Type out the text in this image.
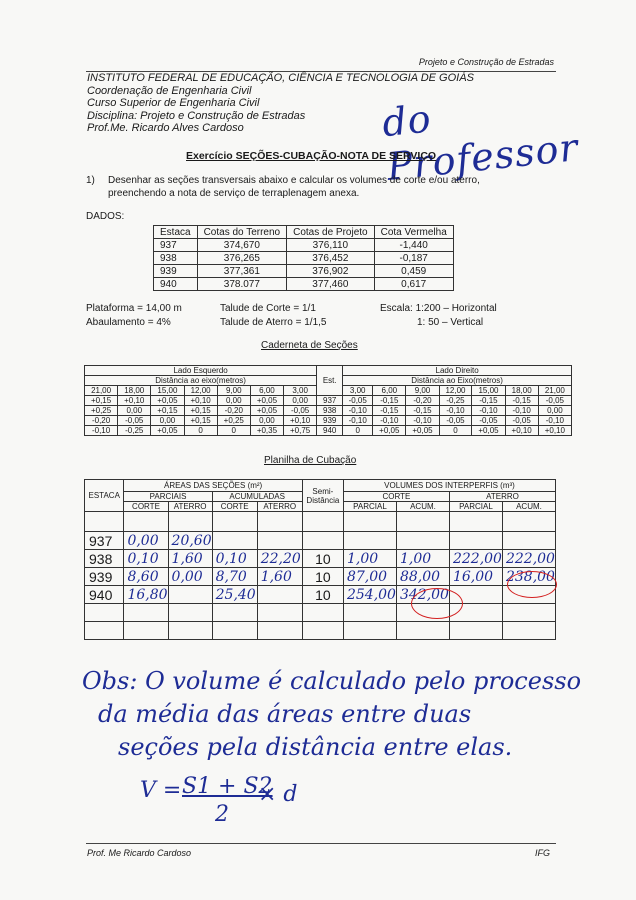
Projeto e Construção de Estradas
INSTITUTO FEDERAL DE EDUCAÇÃO, CIÊNCIA E TECNOLOGIA DE GOIÁS
Coordenação de Engenharia Civil
Curso Superior de Engenharia Civil
Disciplina: Projeto e Construção de Estradas
Prof.Me. Ricardo Alves Cardoso	do Professor
Exercício SEÇÕES-CUBAÇÃO-NOTA DE SERVIÇO
1) Desenhar as seções transversais abaixo e calcular os volumes de corte e/ou aterro, preenchendo a nota de serviço de terraplenagem anexa.
DADOS:
Estaca	Cotas do Terreno	Cotas de Projeto	Cota Vermelha
937	374,670	376,110	-1,440
938	376,265	376,452	-0,187
939	377,361	376,902	0,459
940	378.077	377,460	0,617
Plataforma = 14,00 m
Abaulamento = 4%
Talude de Corte = 1/1
Talude de Aterro = 1/1,5
Escala: 1:200 – Horizontal
1: 50 – Vertical
Caderneta de Seções
Lado Esquerdo							Est.	Lado Direito						
Distância ao eixo(metros)								Distância ao Eixo(metros)						
21,00	18,00	15,00	12,00	9,00	6,00	3,00		3,00	6,00	9,00	12,00	15,00	18,00	21,00
+0,15	+0,10	+0,05	+0,10	0,00	+0,05	0,00	937	-0,05	-0,15	-0,20	-0,25	-0,15	-0,15	-0,05
+0,25	0,00	+0,15	+0,15	-0,20	+0,05	-0,05	938	-0,10	-0,15	-0,15	-0,10	-0,10	-0,10	0,00
-0,20	-0,05	0,00	+0,15	+0,25	0,00	+0,10	939	-0,10	-0,10	-0,10	-0,05	-0,05	-0,05	-0,10
-0,10	-0,25	+0,05	0	0	+0,35	+0,75	940	0	+0,05	+0,05	0	+0,05	+0,10	+0,10
Planilha de Cubação
ESTACA	ÁREAS DAS SEÇÕES (m²)				Semi-Distância	VOLUMES DOS INTERPERFIS (m³)			
	PARCIAIS		ACUMULADAS			CORTE		ATERRO	
	CORTE	ATERRO	CORTE	ATERRO		PARCIAL	ACUM.	PARCIAL	ACUM.

937	0,00	20,60							
938	0,10	1,60	0,10	22,20	10	1,00	1,00	222,00	222,00
939	8,60	0,00	8,70	1,60	10	87,00	88,00	16,00	238,00
940	16,80		25,40		10	254,00	342,00		

Obs: O volume é calculado pelo processo
da média das áreas entre duas
seções pela distância entre elas.
V = S1 + S2
× d
2
Prof. Me Ricardo Cardoso	IFG
